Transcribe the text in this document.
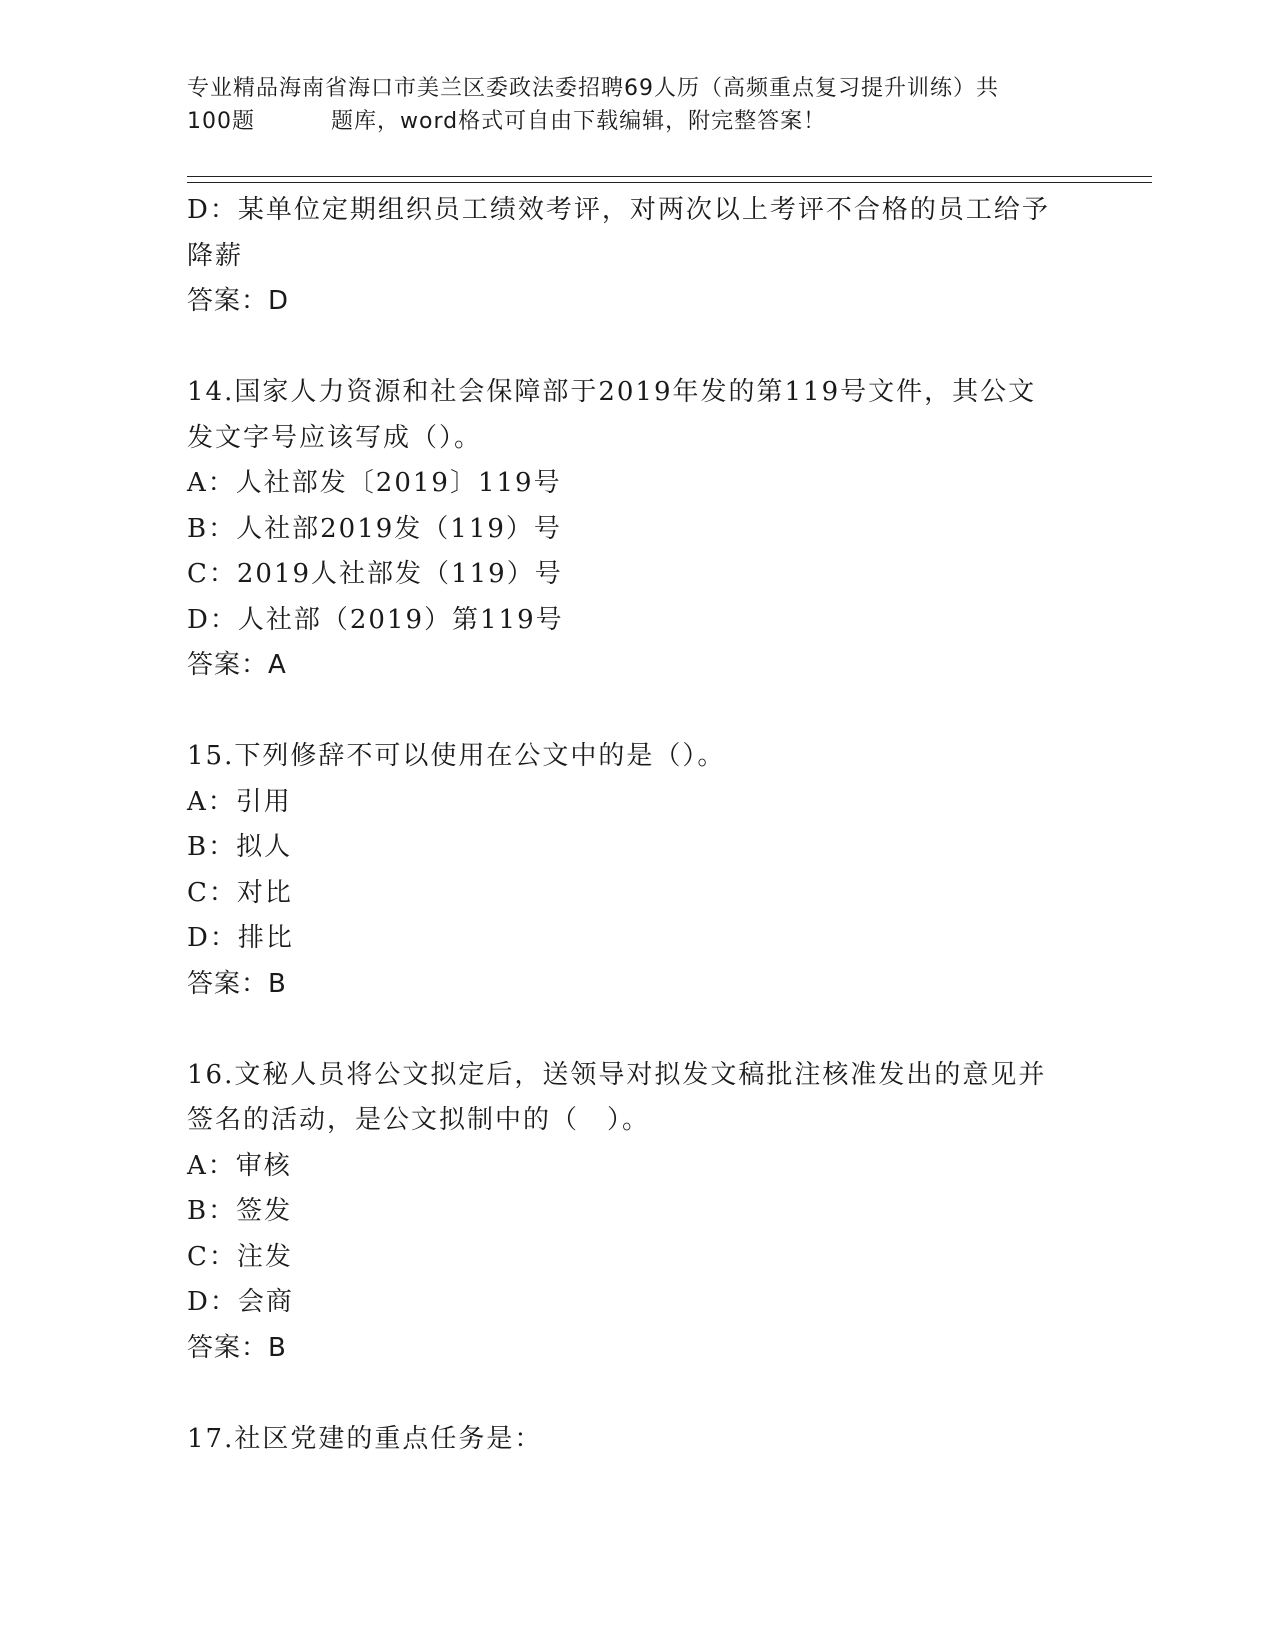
专业精品海南省海口市美兰区委政法委招聘69人历（高频重点复习提升训练）共
100题	题库，word格式可自由下载编辑，附完整答案！
D：某单位定期组织员工绩效考评，对两次以上考评不合格的员工给予
降薪
答案：D
14.国家人力资源和社会保障部于2019年发的第119号文件，其公文
发文字号应该写成（）。
A：人社部发〔2019〕119号
B：人社部2019发（119）号
C：2019人社部发（119）号
D：人社部（2019）第119号
答案：A
15.下列修辞不可以使用在公文中的是（）。
A：引用
B：拟人
C：对比
D：排比
答案：B
16.文秘人员将公文拟定后，送领导对拟发文稿批注核准发出的意见并
签名的活动，是公文拟制中的（　）。
A：审核
B：签发
C：注发
D：会商
答案：B
17.社区党建的重点任务是：
